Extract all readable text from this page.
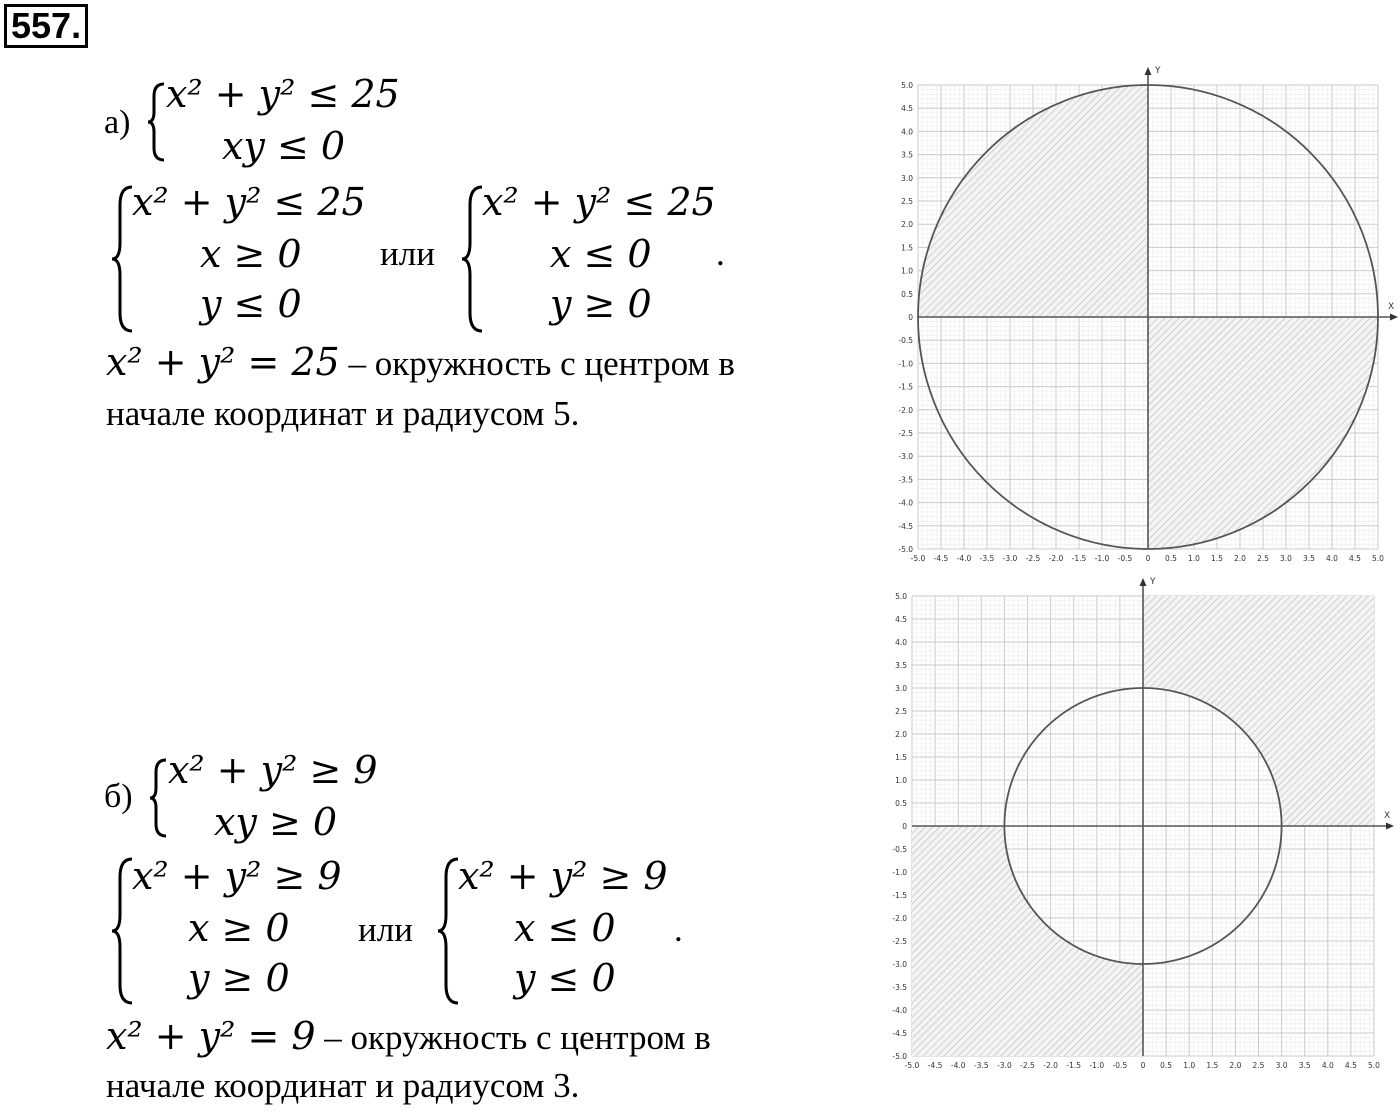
557.
а)
x² + y² ≤ 25
xy ≤ 0
x² + y² ≤ 25
x ≥ 0
y ≤ 0
или
x² + y² ≤ 25
x ≤ 0
y ≥ 0
.
x² + y² = 25 – окружность с центром в
начале координат и радиусом 5.
б)
x² + y² ≥ 9
xy ≥ 0
x² + y² ≥ 9
x ≥ 0
y ≥ 0
или
x² + y² ≥ 9
x ≤ 0
y ≤ 0
.
x² + y² = 9 – окружность с центром в
начале координат и радиусом 3.
X
Y
-5.0 -4.5 -4.0 -3.5 -3.0 -2.5 -2.0 -1.5 -1.0 -0.5 0 0.5 1.0 1.5 2.0 2.5 3.0 3.5 4.0 4.5 5.0
5.0
4.5
4.0
3.5
3.0
2.5
2.0
1.5
1.0
0.5
0
-0.5
-1.0
-1.5
-2.0
-2.5
-3.0
-3.5
-4.0
-4.5
-5.0
X
Y
-5.0 -4.5 -4.0 -3.5 -3.0 -2.5 -2.0 -1.5 -1.0 -0.5 0 0.5 1.0 1.5 2.0 2.5 3.0 3.5 4.0 4.5 5.0
5.0
4.5
4.0
3.5
3.0
2.5
2.0
1.5
1.0
0.5
0
-0.5
-1.0
-1.5
-2.0
-2.5
-3.0
-3.5
-4.0
-4.5
-5.0
